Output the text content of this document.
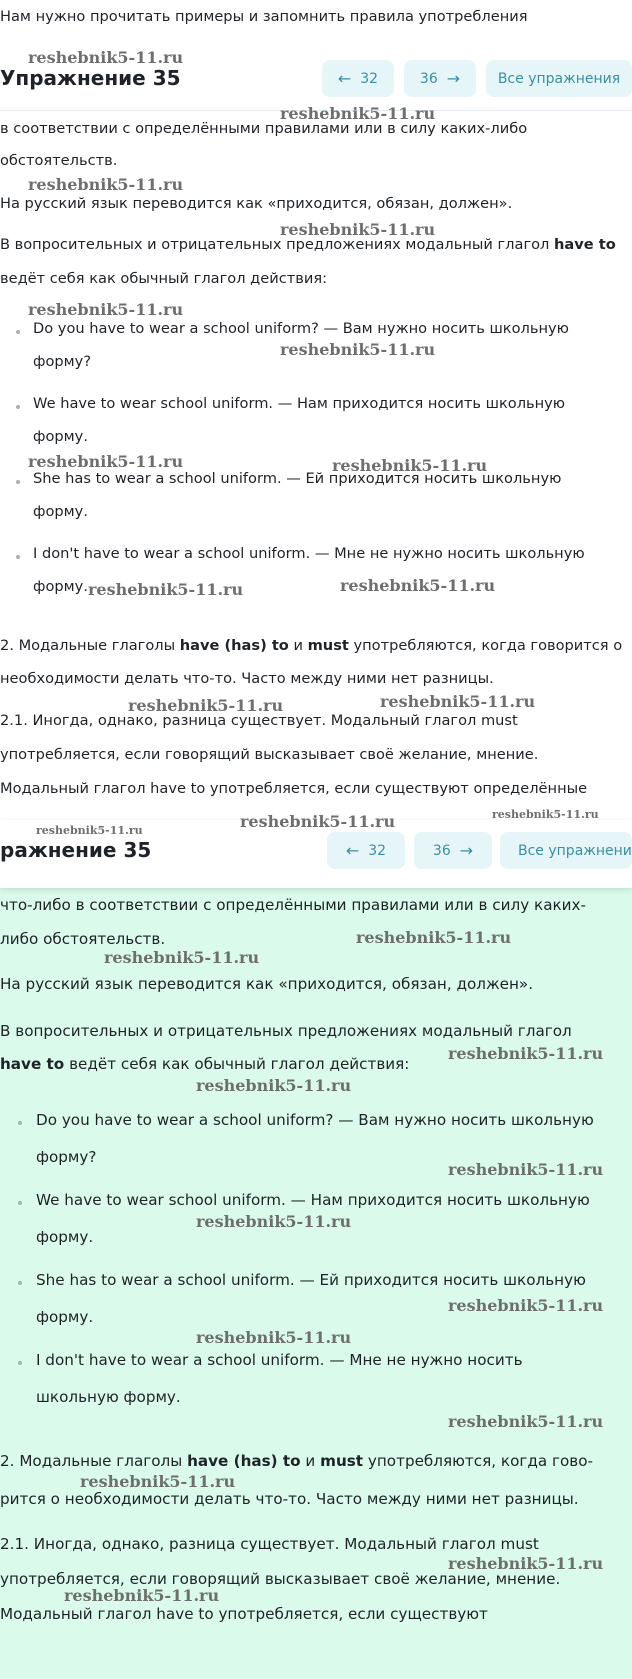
Нам нужно прочитать примеры и запомнить правила употребления
Упражнение 35	←
32	36
→	Все упражнения
в соответствии с определёнными правилами или в силу каких-либо
обстоятельств.
На русский язык переводится как «приходится, обязан, должен».
В вопросительных и отрицательных предложениях модальный глагол have to
ведёт себя как обычный глагол действия:
Do you have to wear a school uniform? — Вам нужно носить школьную
форму?
We have to wear school uniform. — Нам приходится носить школьную
форму.
She has to wear a school uniform. — Ей приходится носить школьную
форму.
I don't have to wear a school uniform. — Мне не нужно носить школьную
форму.
2. Модальные глаголы have (has) to и must употребляются, когда говорится о
необходимости делать что-то. Часто между ними нет разницы.
2.1. Иногда, однако, разница существует. Модальный глагол must
употребляется, если говорящий высказывает своё желание, мнение.
Модальный глагол have to употребляется, если существуют определённые
ражнение 35	←
32	36
→	Все упражнени
что-либо в соответствии с определёнными правилами или в силу каких-
либо обстоятельств.
На русский язык переводится как «приходится, обязан, должен».
В вопросительных и отрицательных предложениях модальный глагол
have to ведёт себя как обычный глагол действия:
Do you have to wear a school uniform? — Вам нужно носить школьную
форму?
We have to wear school uniform. — Нам приходится носить школьную
форму.
She has to wear a school uniform. — Ей приходится носить школьную
форму.
I don't have to wear a school uniform. — Мне не нужно носить
школьную форму.
2. Модальные глаголы have (has) to и must употребляются, когда гово-
рится о необходимости делать что-то. Часто между ними нет разницы.
2.1. Иногда, однако, разница существует. Модальный глагол must
употребляется, если говорящий высказывает своё желание, мнение.
Модальный глагол have to употребляется, если существуют
reshebnik5-11.ru
reshebnik5-11.ru
reshebnik5-11.ru
reshebnik5-11.ru
reshebnik5-11.ru
reshebnik5-11.ru
reshebnik5-11.ru	reshebnik5-11.ru
reshebnik5-11.ru	reshebnik5-11.ru
reshebnik5-11.ru	reshebnik5-11.ru
reshebnik5-11.ru	reshebnik5-11.ru	reshebnik5-11.ru
reshebnik5-11.ru
reshebnik5-11.ru
reshebnik5-11.ru
reshebnik5-11.ru
reshebnik5-11.ru
reshebnik5-11.ru
reshebnik5-11.ru
reshebnik5-11.ru
reshebnik5-11.ru
reshebnik5-11.ru
reshebnik5-11.ru
reshebnik5-11.ru
